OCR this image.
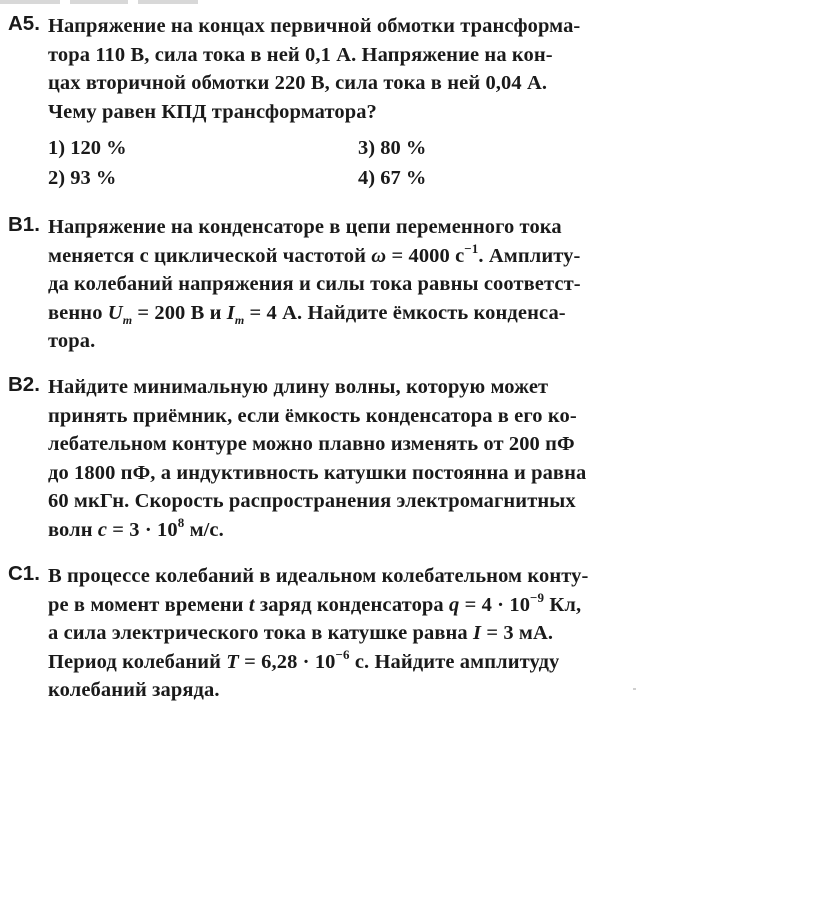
А5. Напряжение на концах первичной обмотки трансформа-
тора 110 В, сила тока в ней 0,1 А. Напряжение на кон-
цах вторичной обмотки 220 В, сила тока в ней 0,04 А.
Чему равен КПД трансформатора?
1) 120 %	3) 80 %
2) 93 %	4) 67 %
В1. Напряжение на конденсаторе в цепи переменного тока
меняется с циклической частотой ω = 4000 $с^{-1}$. Амплиту-
да колебаний напряжения и силы тока равны соответст-
венно $U_m = 200$ В и $I_m = 4$ А. Найдите ёмкость конденса-
тора.
В2. Найдите минимальную длину волны, которую может
принять приёмник, если ёмкость конденсатора в его ко-
лебательном контуре можно плавно изменять от 200 пФ
до 1800 пФ, а индуктивность катушки постоянна и равна
60 мкГн. Скорость распространения электромагнитных
волн $c = 3 \cdot 10^8$ м/с.
С1. В процессе колебаний в идеальном колебательном конту-
ре в момент времени t заряд конденсатора $q = 4 \cdot 10^{-9}$ Кл,
а сила электрического тока в катушке равна I = 3 мА.
Период колебаний $T = 6,28 \cdot 10^{-6}$ с. Найдите амплитуду
колебаний заряда.
